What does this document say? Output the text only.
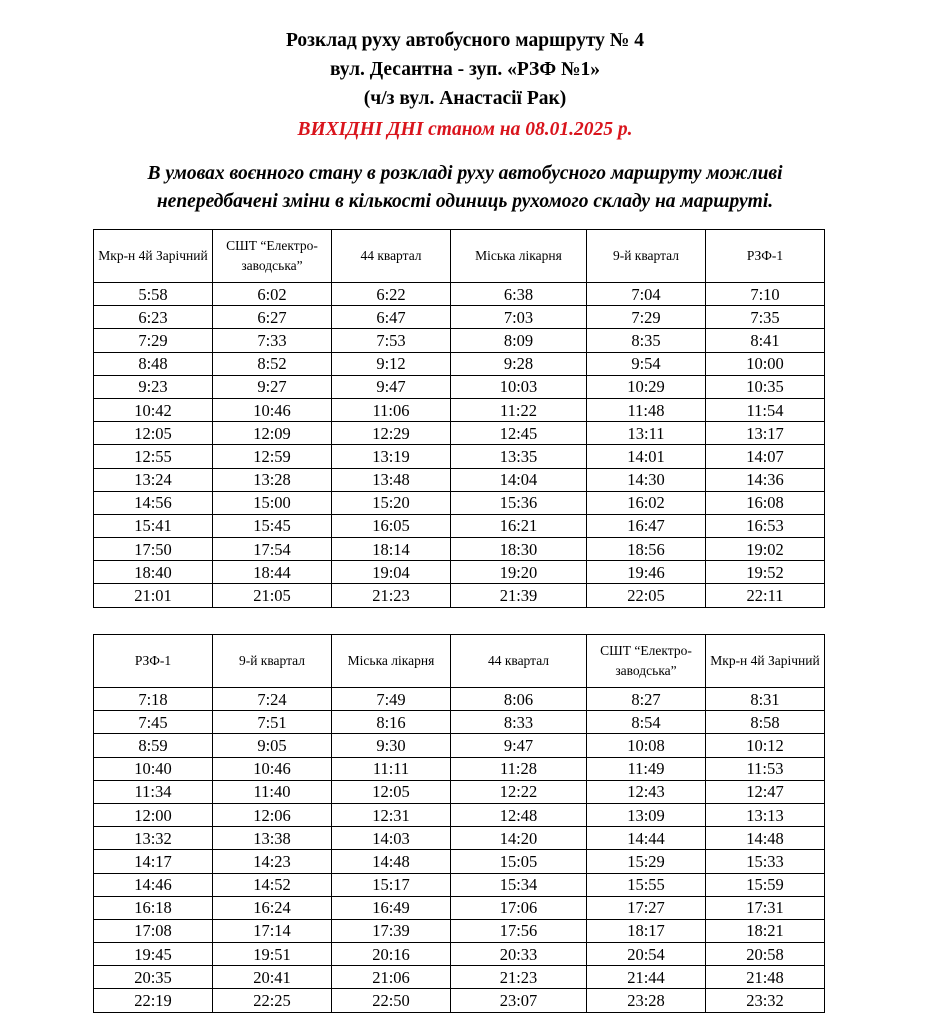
Розклад руху автобусного маршруту № 4
вул. Десантна - зуп. «РЗФ №1»
(ч/з вул. Анастасії Рак)
ВИХІДНІ ДНІ станом на 08.01.2025 р.
В умовах воєнного стану в розкладі руху автобусного маршруту можливі
непередбачені зміни в кількості одиниць рухомого складу на маршруті.
Мкр-н 4й Зарічний	СШТ “Електро-заводська”	44 квартал	Міська лікарня	9-й квартал	РЗФ-1
5:58	6:02	6:22	6:38	7:04	7:10
6:23	6:27	6:47	7:03	7:29	7:35
7:29	7:33	7:53	8:09	8:35	8:41
8:48	8:52	9:12	9:28	9:54	10:00
9:23	9:27	9:47	10:03	10:29	10:35
10:42	10:46	11:06	11:22	11:48	11:54
12:05	12:09	12:29	12:45	13:11	13:17
12:55	12:59	13:19	13:35	14:01	14:07
13:24	13:28	13:48	14:04	14:30	14:36
14:56	15:00	15:20	15:36	16:02	16:08
15:41	15:45	16:05	16:21	16:47	16:53
17:50	17:54	18:14	18:30	18:56	19:02
18:40	18:44	19:04	19:20	19:46	19:52
21:01	21:05	21:23	21:39	22:05	22:11
РЗФ-1	9-й квартал	Міська лікарня	44 квартал	СШТ “Електро-заводська”	Мкр-н 4й Зарічний
7:18	7:24	7:49	8:06	8:27	8:31
7:45	7:51	8:16	8:33	8:54	8:58
8:59	9:05	9:30	9:47	10:08	10:12
10:40	10:46	11:11	11:28	11:49	11:53
11:34	11:40	12:05	12:22	12:43	12:47
12:00	12:06	12:31	12:48	13:09	13:13
13:32	13:38	14:03	14:20	14:44	14:48
14:17	14:23	14:48	15:05	15:29	15:33
14:46	14:52	15:17	15:34	15:55	15:59
16:18	16:24	16:49	17:06	17:27	17:31
17:08	17:14	17:39	17:56	18:17	18:21
19:45	19:51	20:16	20:33	20:54	20:58
20:35	20:41	21:06	21:23	21:44	21:48
22:19	22:25	22:50	23:07	23:28	23:32
